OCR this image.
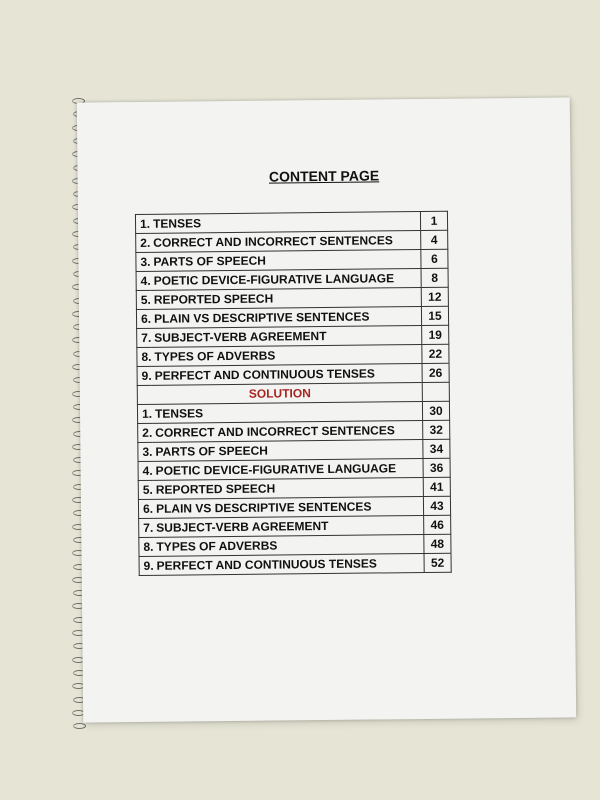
CONTENT PAGE
1.	TENSES	1
2.	CORRECT AND INCORRECT SENTENCES	4
3.	PARTS OF SPEECH	6
4.	POETIC DEVICE-FIGURATIVE LANGUAGE	8
5.	REPORTED SPEECH	12
6.	PLAIN VS DESCRIPTIVE SENTENCES	15
7.	SUBJECT-VERB AGREEMENT	19
8.	TYPES OF ADVERBS	22
9.	PERFECT AND CONTINUOUS TENSES	26
SOLUTION		
1.	TENSES	30
2.	CORRECT AND INCORRECT SENTENCES	32
3.	PARTS OF SPEECH	34
4.	POETIC DEVICE-FIGURATIVE LANGUAGE	36
5.	REPORTED SPEECH	41
6.	PLAIN VS DESCRIPTIVE SENTENCES	43
7.	SUBJECT-VERB AGREEMENT	46
8.	TYPES OF ADVERBS	48
9.	PERFECT AND CONTINUOUS TENSES	52
